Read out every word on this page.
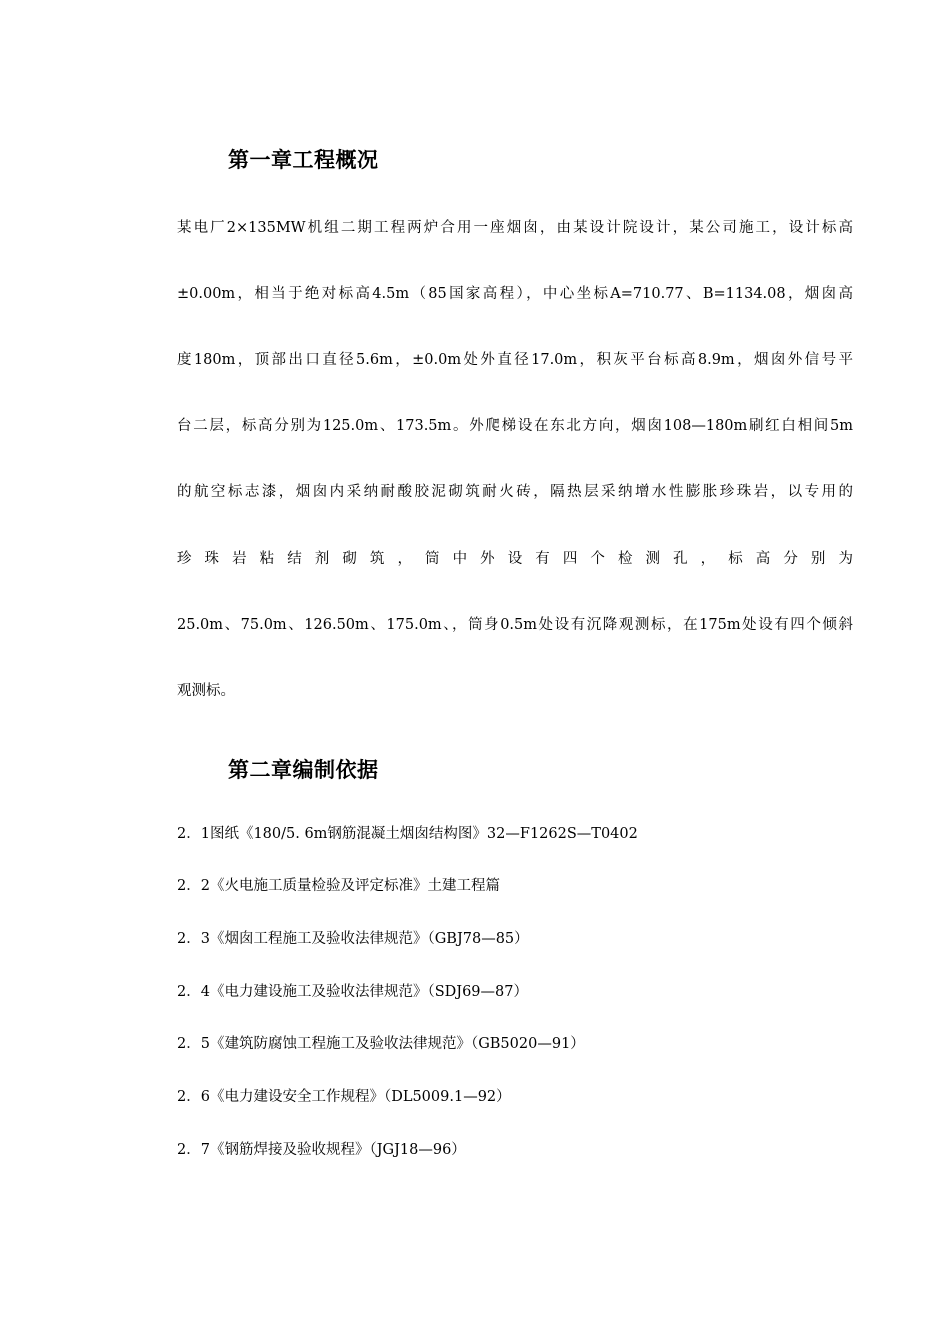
第一章工程概况

某电厂2×135MW机组二期工程两炉合用一座烟囱，由某设计院设计，某公司施工，设计标高

±0.00m，相当于绝对标高4.5m（85国家高程），中心坐标A=710.77、B=1134.08，烟囱高

度180m，顶部出口直径5.6m，±0.0m处外直径17.0m，积灰平台标高8.9m，烟囱外信号平

台二层，标高分别为125.0m、173.5m。外爬梯设在东北方向，烟囱108—180m刷红白相间5m

的航空标志漆，烟囱内采纳耐酸胶泥砌筑耐火砖，隔热层采纳增水性膨胀珍珠岩，以专用的

珍 珠 岩 粘 结 剂 砌 筑 ， 筒 中 外 设 有 四 个 检 测 孔 ， 标 高 分 别 为

25.0m、75.0m、126.50m、175.0m、，筒身0.5m处设有沉降观测标，在175m处设有四个倾斜

观测标。

第二章编制依据

2．1图纸《180/5. 6m钢筋混凝土烟囱结构图》32—F1262S—T0402

2．2《火电施工质量检验及评定标准》土建工程篇

2．3《烟囱工程施工及验收法律规范》（GBJ78—85）

2．4《电力建设施工及验收法律规范》（SDJ69—87）

2．5《建筑防腐蚀工程施工及验收法律规范》（GB5020—91）

2．6《电力建设安全工作规程》（DL5009.1—92）

2．7《钢筋焊接及验收规程》（JGJ18—96）
